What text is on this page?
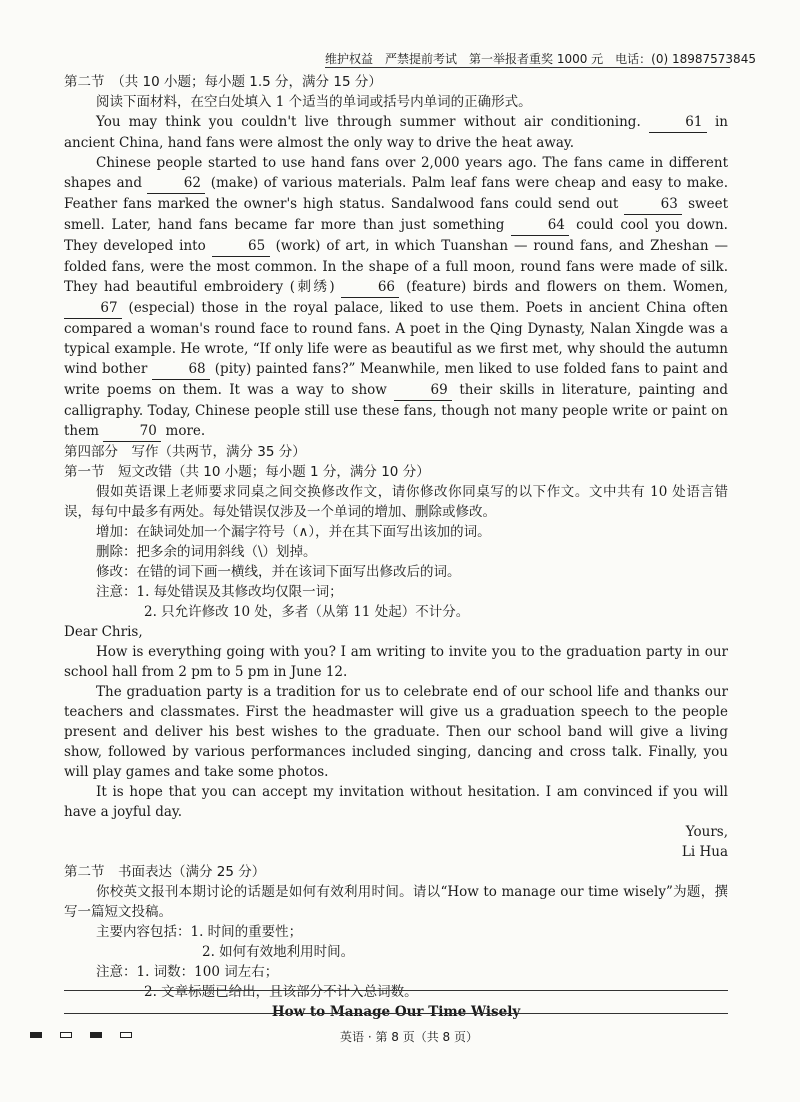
维护权益　严禁提前考试　第一举报者重奖 1000 元　电话：(0) 18987573845

第二节　（共 10 小题；每小题 1.5 分，满分 15 分）

阅读下面材料，在空白处填入 1 个适当的单词或括号内单词的正确形式。

You may think you couldn't live through summer without air conditioning.	61 in ancient China, hand fans were almost the only way to drive the heat away.

Chinese people started to use hand fans over 2,000 years ago. The fans came in different shapes and	62 (make) of various materials. Palm leaf fans were cheap and easy to make. Feather fans marked the owner's high status. Sandalwood fans could send out	63 sweet smell. Later, hand fans became far more than just something	64 could cool you down. They developed into	65 (work) of art, in which Tuanshan — round fans, and Zheshan — folded fans, were the most common. In the shape of a full moon, round fans were made of silk. They had beautiful embroidery (刺绣)	66 (feature) birds and flowers on them. Women, 67 (especial) those in the royal palace, liked to use them. Poets in ancient China often compared a woman's round face to round fans. A poet in the Qing Dynasty, Nalan Xingde was a typical example. He wrote, “If only life were as beautiful as we first met, why should the autumn wind bother	68 (pity) painted fans?” Meanwhile, men liked to use folded fans to paint and write poems on them. It was a way to show	69 their skills in literature, painting and calligraphy. Today, Chinese people still use these fans, though not many people write or paint on them	70 more.

第四部分　写作（共两节，满分 35 分）

第一节　短文改错（共 10 小题；每小题 1 分，满分 10 分）

假如英语课上老师要求同桌之间交换修改作文，请你修改你同桌写的以下作文。文中共有 10 处语言错误，每句中最多有两处。每处错误仅涉及一个单词的增加、删除或修改。

增加：在缺词处加一个漏字符号（∧），并在其下面写出该加的词。

删除：把多余的词用斜线（\）划掉。

修改：在错的词下画一横线，并在该词下面写出修改后的词。

注意：1. 每处错误及其修改均仅限一词；

2. 只允许修改 10 处，多者（从第 11 处起）不计分。

Dear Chris,

How is everything going with you? I am writing to invite you to the graduation party in our school hall from 2 pm to 5 pm in June 12.

The graduation party is a tradition for us to celebrate end of our school life and thanks our teachers and classmates. First the headmaster will give us a graduation speech to the people present and deliver his best wishes to the graduate. Then our school band will give a living show, followed by various performances included singing, dancing and cross talk. Finally, you will play games and take some photos.

It is hope that you can accept my invitation without hesitation. I am convinced if you will have a joyful day.

Yours,

Li Hua

第二节　书面表达（满分 25 分）

你校英文报刊本期讨论的话题是如何有效利用时间。请以“How to manage our time wisely”为题，撰写一篇短文投稿。

主要内容包括：1. 时间的重要性；

2. 如何有效地利用时间。

注意：1. 词数：100 词左右；

2. 文章标题已给出，且该部分不计入总词数。

How to Manage Our Time Wisely

英语 · 第 8 页（共 8 页）
